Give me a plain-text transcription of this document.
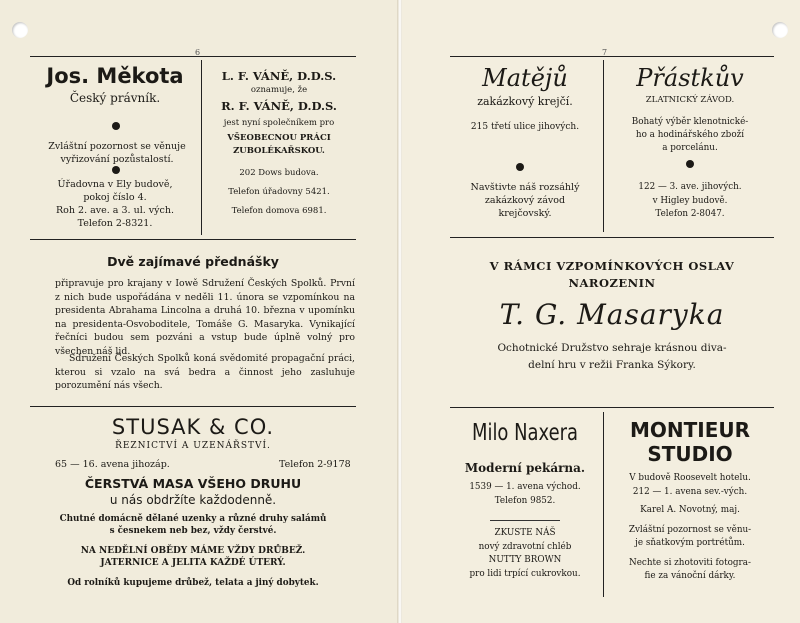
6
Jos. Měkota
Český právník.
Zvláštní pozornost se věnuje vyřizování pozůstalostí.
Úřadovna v Ely budově,
pokoj číslo 4.
Roh 2. ave. a 3. ul. vých.
Telefon 2-8321.
L. F. VÁNĚ, D.D.S.
oznamuje, že
R. F. VÁNĚ, D.D.S.
jest nyní společníkem pro
VŠEOBECNOU PRÁCI
ZUBOLÉKAŘSKOU.
202 Dows budova.
Telefon úřadovny 5421.
Telefon domova 6981.
Dvě zajímavé přednášky
připravuje pro krajany v Iowě Sdružení Českých Spolků. První z nich bude uspořádána v neděli 11. února se vzpomínkou na presidenta Abrahama Lincolna a druhá 10. března v upomínku na presidenta-Osvoboditele, Tomáše G. Masaryka. Vynikající řečníci budou sem pozváni a vstup bude úplně volný pro všechen náš lid.
Sdružení Českých Spolků koná svědomité propagační práci, kterou si vzalo na svá bedra a činnost jeho zasluhuje porozumění nás všech.
STUSAK & CO.
ŘEZNICTVÍ A UZENÁŘSTVÍ.
65 — 16. avena jihozáp.	Telefon 2-9178
ČERSTVÁ MASA VŠEHO DRUHU
u nás obdržíte každodenně.
Chutné domácně dělané uzenky a různé druhy salámů
s česnekem neb bez, vždy čerstvé.
NA NEDĚLNÍ OBĚDY MÁME VŽDY DRŮBEŽ.
JATERNICE A JELITA KAŽDÉ ÚTERÝ.
Od rolníků kupujeme drůbež, telata a jiný dobytek.
7
Matějů
zakázkový krejčí.
215 třetí ulice jihových.
Navštivte náš rozsáhlý
zakázkový závod
krejčovský.
Přástkův
ZLATNICKÝ ZÁVOD.
Bohatý výběr klenotnické-
ho a hodinářského zboží
a porcelánu.
122 — 3. ave. jihových.
v Higley budově.
Telefon 2-8047.
V RÁMCI VZPOMÍNKOVÝCH OSLAV
NAROZENIN
T. G. Masaryka
Ochotnické Družstvo sehraje krásnou diva-
delní hru v režii Franka Sýkory.
Milo Naxera
Moderní pekárna.
1539 — 1. avena východ.
Telefon 9852.
ZKUSTE NÁŠ
nový zdravotní chléb
NUTTY BROWN
pro lidi trpící cukrovkou.
MONTIEUR
STUDIO
V budově Roosevelt hotelu.
212 — 1. avena sev.-vých.
Karel A. Novotný, maj.
Zvláštní pozornost se věnu-
je sňatkovým portrétům.
Nechte si zhotoviti fotogra-
fie za vánoční dárky.
